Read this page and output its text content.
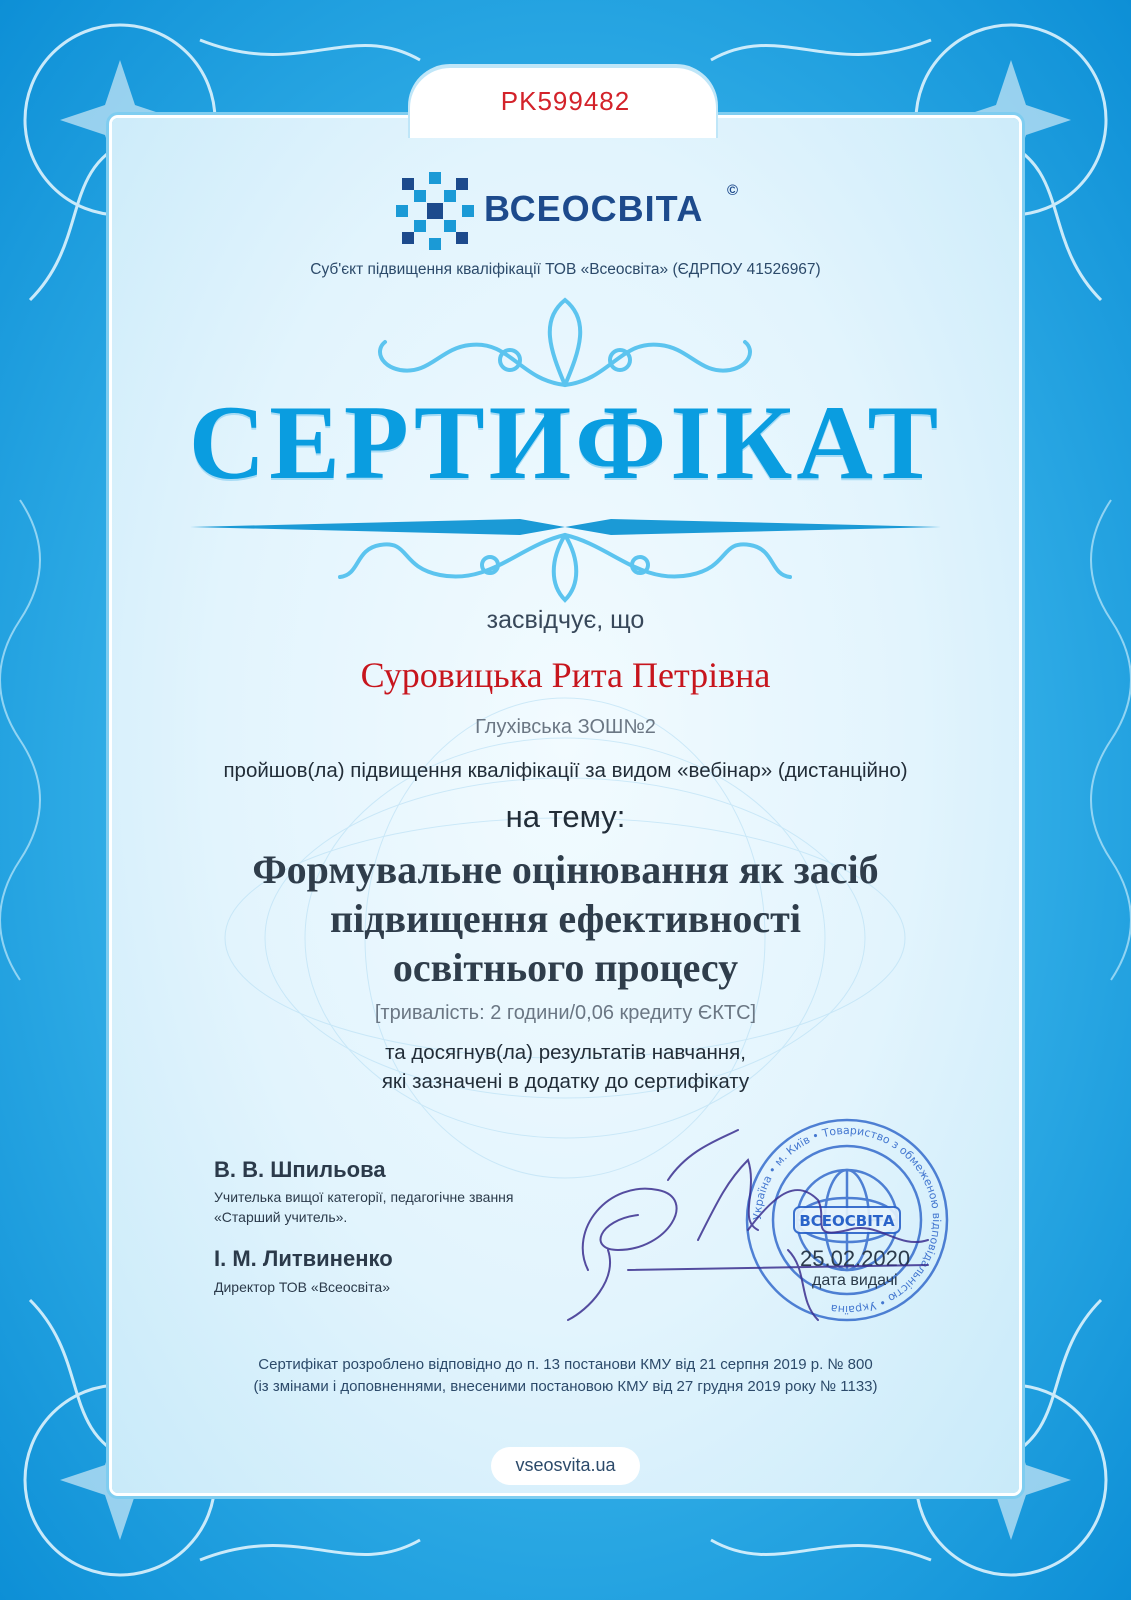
PK599482
ВСЕОСВІТА ©
Суб'єкт підвищення кваліфікації ТОВ «Всеосвіта» (ЄДРПОУ 41526967)
СЕРТИФІКАТ
засвідчує, що
Суровицька Рита Петрівна
Глухівська ЗОШ№2
пройшов(ла) підвищення кваліфікації за видом «вебінар» (дистанційно)
на тему:
Формувальне оцінювання як засіб
підвищення ефективності
освітнього процесу
[тривалість: 2 години/0,06 кредиту ЄКТС]
та досягнув(ла) результатів навчання,
які зазначені в додатку до сертифікату
В. В. Шпильова
Учителька вищої категорії, педагогічне звання
«Старший учитель».
І. М. Литвиненко
Директор ТОВ «Всеосвіта»
Україна • м. Київ • Товариство з обмеженою відповідальністю • Україна
ВСЕОСВІТА
25.02.2020
дата видачі
Сертифікат розроблено відповідно до п. 13 постанови КМУ від 21 серпня 2019 р. № 800
(із змінами і доповненнями, внесеними постановою КМУ від 27 грудня 2019 року № 1133)
vseosvita.ua
